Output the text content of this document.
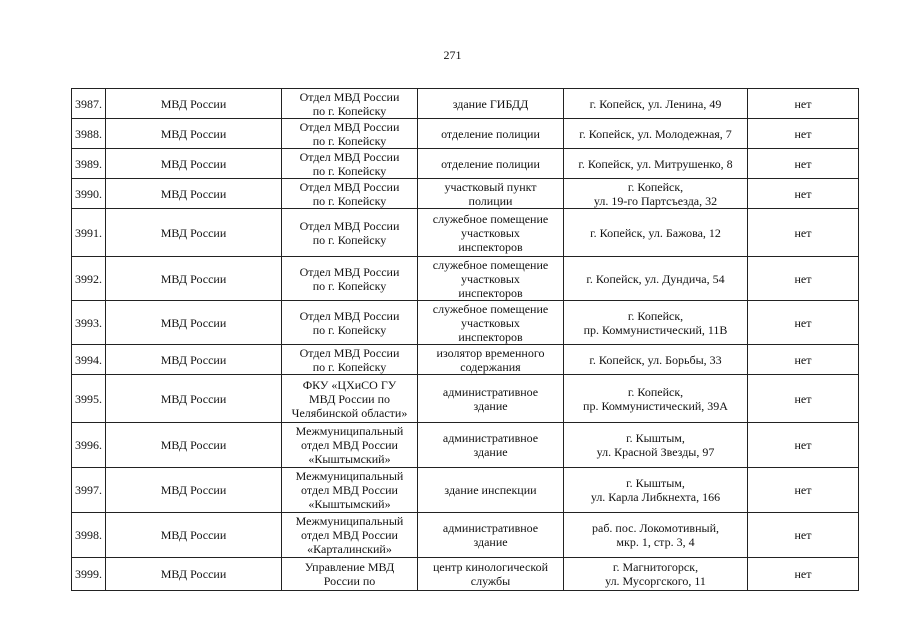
271
3987.	МВД России	Отдел МВД России
по г. Копейску	здание ГИБДД	г. Копейск, ул. Ленина, 49	нет
3988.	МВД России	Отдел МВД России
по г. Копейску	отделение полиции	г. Копейск, ул. Молодежная, 7	нет
3989.	МВД России	Отдел МВД России
по г. Копейску	отделение полиции	г. Копейск, ул. Митрушенко, 8	нет
3990.	МВД России	Отдел МВД России
по г. Копейску	участковый пункт
полиции	г. Копейск,
ул. 19-го Партсъезда, 32	нет
3991.	МВД России	Отдел МВД России
по г. Копейску	служебное помещение
участковых
инспекторов	г. Копейск, ул. Бажова, 12	нет
3992.	МВД России	Отдел МВД России
по г. Копейску	служебное помещение
участковых
инспекторов	г. Копейск, ул. Дундича, 54	нет
3993.	МВД России	Отдел МВД России
по г. Копейску	служебное помещение
участковых
инспекторов	г. Копейск,
пр. Коммунистический, 11В	нет
3994.	МВД России	Отдел МВД России
по г. Копейску	изолятор временного
содержания	г. Копейск, ул. Борьбы, 33	нет
3995.	МВД России	ФКУ «ЦХиСО ГУ
МВД России по
Челябинской области»	административное
здание	г. Копейск,
пр. Коммунистический, 39А	нет
3996.	МВД России	Межмуниципальный
отдел МВД России
«Кыштымский»	административное
здание	г. Кыштым,
ул. Красной Звезды, 97	нет
3997.	МВД России	Межмуниципальный
отдел МВД России
«Кыштымский»	здание инспекции	г. Кыштым,
ул. Карла Либкнехта, 166	нет
3998.	МВД России	Межмуниципальный
отдел МВД России
«Карталинский»	административное
здание	раб. пос. Локомотивный,
мкр. 1, стр. 3, 4	нет
3999.	МВД России	Управление МВД
России по	центр кинологической
службы	г. Магнитогорск,
ул. Мусоргского, 11	нет
